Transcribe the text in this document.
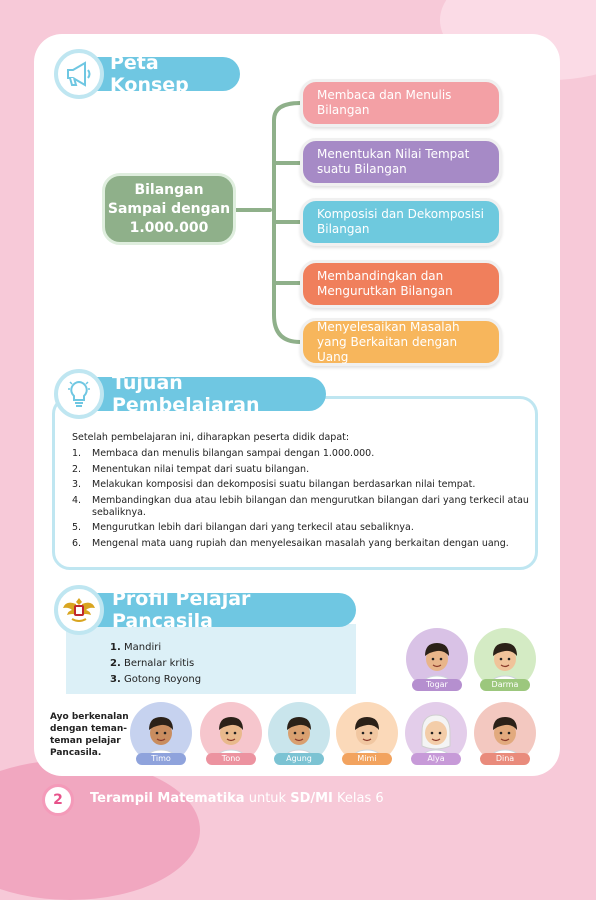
Peta Konsep
Bilangan
Sampai dengan
1.000.000
Membaca dan Menulis
Bilangan
Menentukan Nilai Tempat
suatu Bilangan
Komposisi dan Dekomposisi
Bilangan
Membandingkan dan
Mengurutkan Bilangan
Menyelesaikan Masalah
yang Berkaitan dengan Uang
Tujuan Pembelajaran
Setelah pembelajaran ini, diharapkan peserta didik dapat:
1.	Membaca dan menulis bilangan sampai dengan 1.000.000.
2.	Menentukan nilai tempat dari suatu bilangan.
3.	Melakukan komposisi dan dekomposisi suatu bilangan berdasarkan nilai tempat.
4.	Membandingkan dua atau lebih bilangan dan mengurutkan bilangan dari yang terkecil atau sebaliknya.
5.	Mengurutkan lebih dari bilangan dari yang terkecil atau sebaliknya.
6.	Mengenal mata uang rupiah dan menyelesaikan masalah yang berkaitan dengan uang.
Profil Pelajar Pancasila
1. Mandiri
2. Bernalar kritis
3. Gotong Royong
Ayo berkenalan dengan teman-teman pelajar Pancasila.
Togar	Darma
Timo	Tono	Agung	Mimi	Alya	Dina
2	Terampil Matematika untuk SD/MI Kelas 6
